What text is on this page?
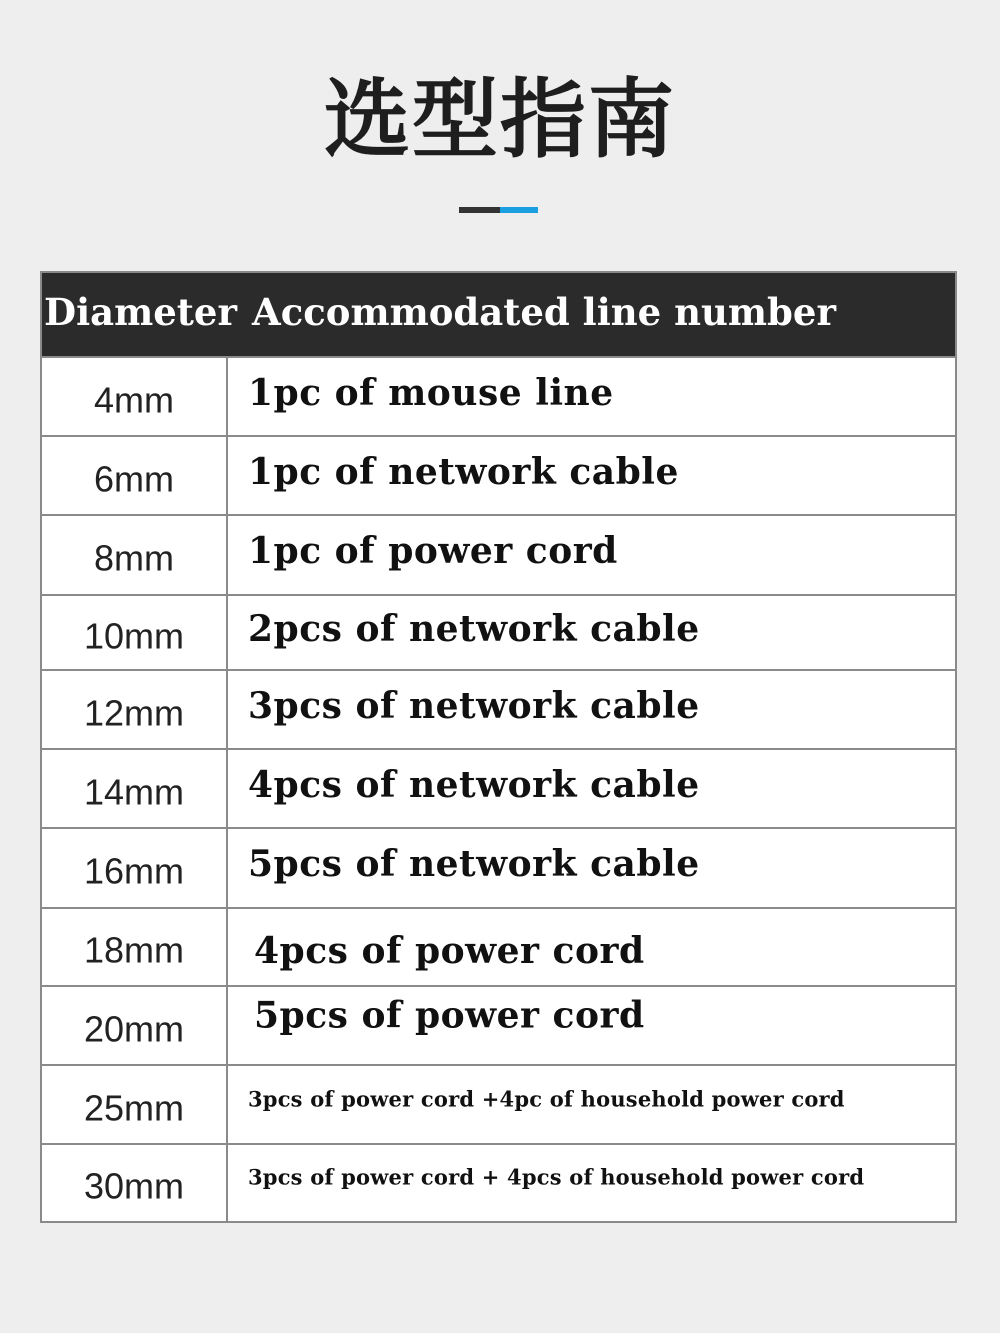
选型指南
Diameter Accommodated line number
4mm	1pc of mouse line
6mm	1pc of network cable
8mm	1pc of power cord
10mm	2pcs of network cable
12mm	3pcs of network cable
14mm	4pcs of network cable
16mm	5pcs of network cable
18mm	4pcs of power cord
20mm	5pcs of power cord
25mm	3pcs of power cord +4pc of household power cord
30mm	3pcs of power cord + 4pcs of household power cord
